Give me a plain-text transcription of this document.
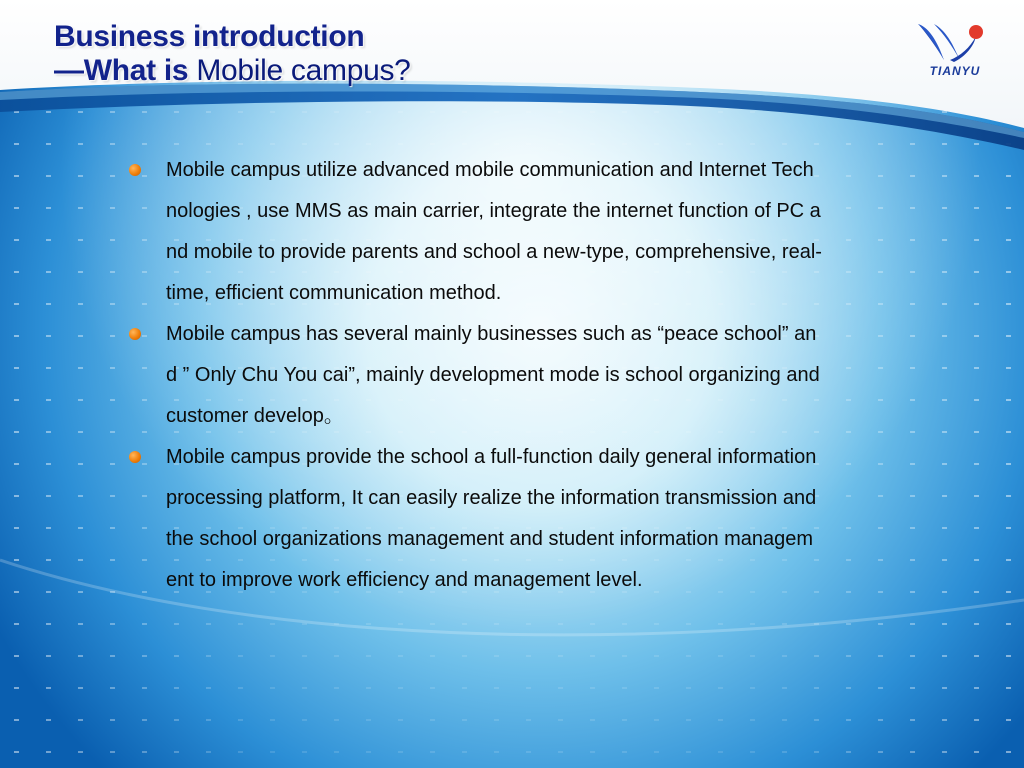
Business introduction
—What is Mobile campus?	TIANYU
Mobile campus utilize advanced mobile communication and Internet Tech
nologies , use MMS as main carrier, integrate the internet function of PC a
nd mobile to provide parents and school a new-type, comprehensive, real-
time, efficient communication method.
Mobile campus has several mainly businesses such as “peace school” an
d ” Only Chu You cai”, mainly development mode is school organizing and
customer develop。
Mobile campus provide the school a full-function daily general information
processing platform, It can easily realize the information transmission and
the school organizations management and student information managem
ent to improve work efficiency and management level.
